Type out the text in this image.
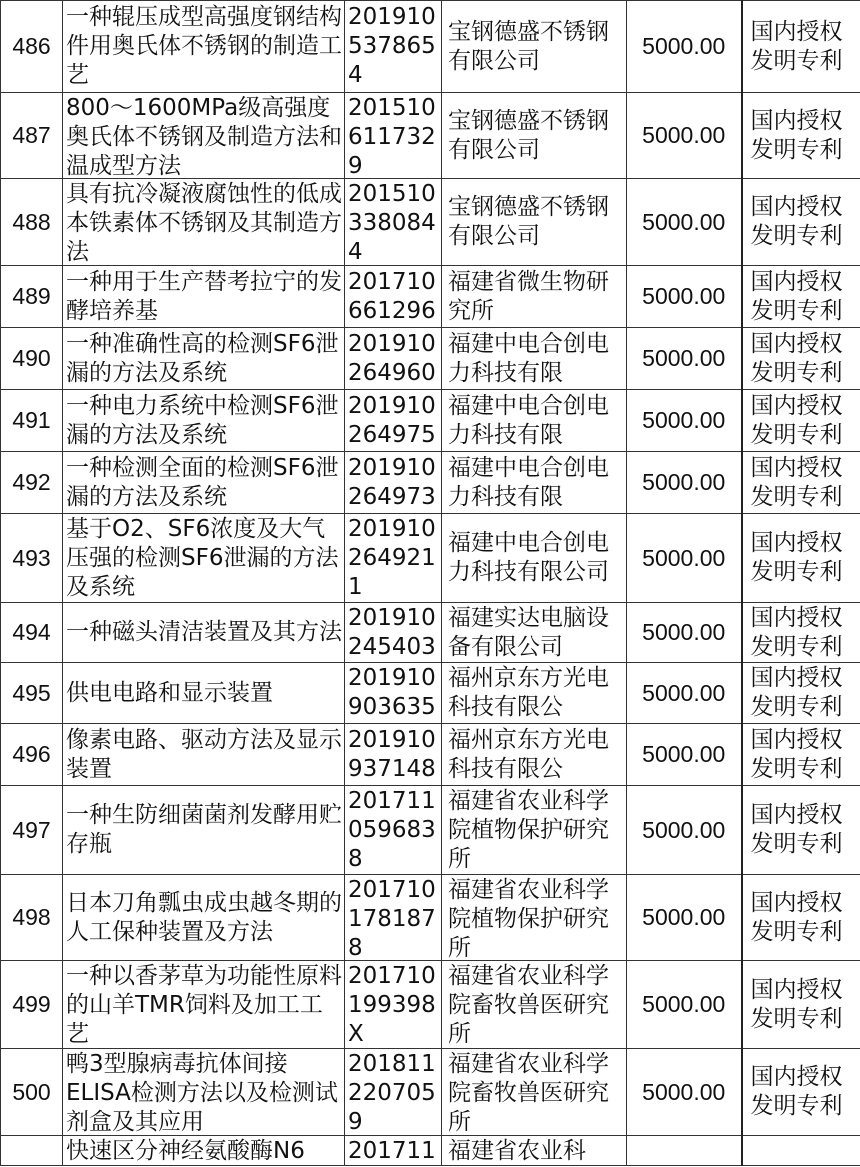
486	一种辊压成型高强度钢结构件用奥氏体不锈钢的制造工艺	2019105378654	宝钢德盛不锈钢有限公司	5000.00	国内授权发明专利

487	800～1600MPa级高强度奥氏体不锈钢及制造方法和温成型方法	2015106117329	宝钢德盛不锈钢有限公司	5000.00	国内授权发明专利

488	具有抗冷凝液腐蚀性的低成本铁素体不锈钢及其制造方法	2015103380844	宝钢德盛不锈钢有限公司	5000.00	国内授权发明专利

489	一种用于生产替考拉宁的发酵培养基	201710661296	福建省微生物研究所	5000.00	国内授权发明专利

490	一种准确性高的检测SF6泄漏的方法及系统	201910264960	福建中电合创电力科技有限	5000.00	国内授权发明专利

491	一种电力系统中检测SF6泄漏的方法及系统	201910264975	福建中电合创电力科技有限	5000.00	国内授权发明专利

492	一种检测全面的检测SF6泄漏的方法及系统	201910264973	福建中电合创电力科技有限	5000.00	国内授权发明专利

493	基于O2、SF6浓度及大气压强的检测SF6泄漏的方法及系统	2019102649211	福建中电合创电力科技有限公司	5000.00	国内授权发明专利

494	一种磁头清洁装置及其方法	201910245403	福建实达电脑设备有限公司	5000.00	国内授权发明专利

495	供电电路和显示装置	201910903635	福州京东方光电科技有限公	5000.00	国内授权发明专利

496	像素电路、驱动方法及显示装置	201910937148	福州京东方光电科技有限公	5000.00	国内授权发明专利

497	一种生防细菌菌剂发酵用贮存瓶	2017110596838	福建省农业科学院植物保护研究所	5000.00	国内授权发明专利

498	日本刀角瓢虫成虫越冬期的人工保种装置及方法	2017101781878	福建省农业科学院植物保护研究所	5000.00	国内授权发明专利

499	一种以香茅草为功能性原料的山羊TMR饲料及加工工艺	201710199398X	福建省农业科学院畜牧兽医研究所	5000.00	国内授权发明专利

500	鸭3型腺病毒抗体间接ELISA检测方法以及检测试剂盒及其应用	2018112207059	福建省农业科学院畜牧兽医研究所	5000.00	国内授权发明专利

	快速区分神经氨酸酶N6	201711	福建省农业科		
